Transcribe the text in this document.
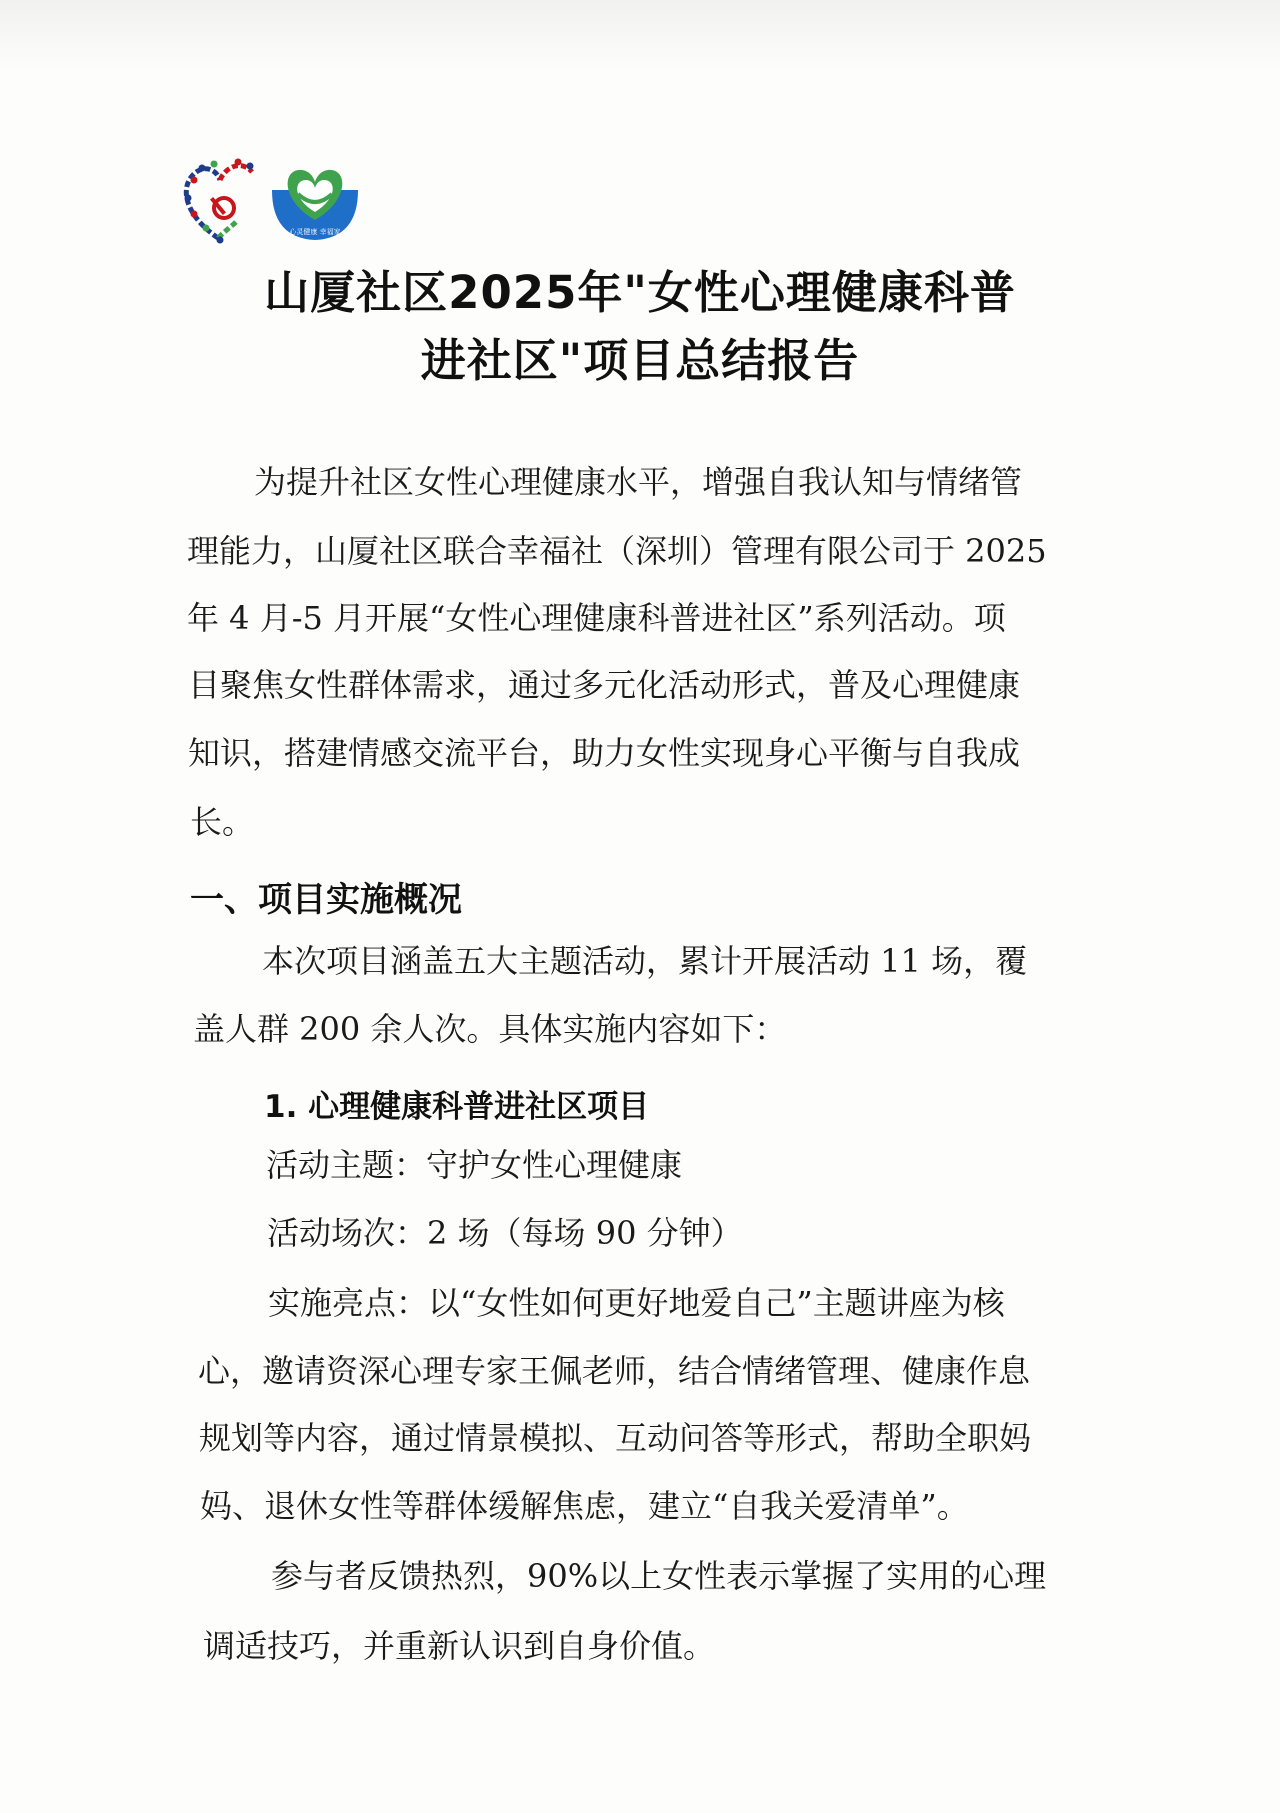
心灵健康 幸福家
山厦社区2025年"女性心理健康科普
进社区"项目总结报告

为提升社区女性心理健康水平，增强自我认知与情绪管

理能力，山厦社区联合幸福社（深圳）管理有限公司于 2025

年 4 月-5 月开展“女性心理健康科普进社区”系列活动。项

目聚焦女性群体需求，通过多元化活动形式，普及心理健康

知识，搭建情感交流平台，助力女性实现身心平衡与自我成

长。

一、项目实施概况

本次项目涵盖五大主题活动，累计开展活动 11 场，覆

盖人群 200 余人次。具体实施内容如下：

1. 心理健康科普进社区项目

活动主题：守护女性心理健康

活动场次：2 场（每场 90 分钟）

实施亮点：以“女性如何更好地爱自己”主题讲座为核

心，邀请资深心理专家王佩老师，结合情绪管理、健康作息

规划等内容，通过情景模拟、互动问答等形式，帮助全职妈

妈、退休女性等群体缓解焦虑，建立“自我关爱清单”。

参与者反馈热烈，90%以上女性表示掌握了实用的心理

调适技巧，并重新认识到自身价值。
